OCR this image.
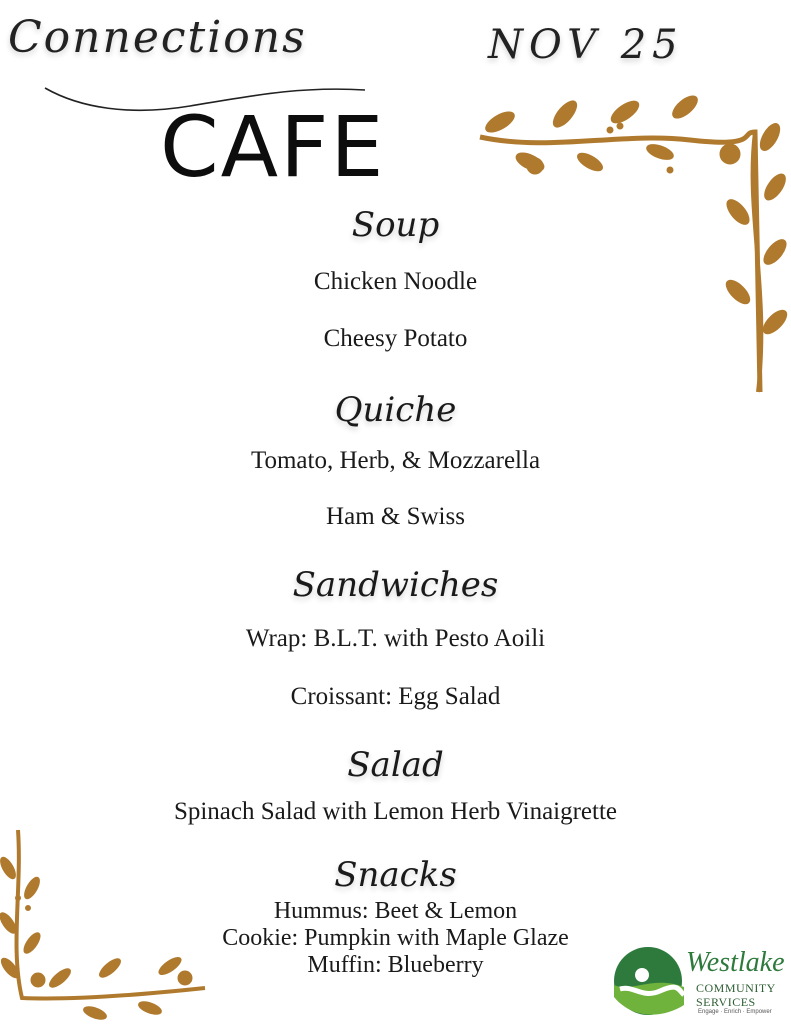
Connections
CAFE
NOV 25
Soup
Chicken Noodle
Cheesy Potato
Quiche
Tomato, Herb, & Mozzarella
Ham & Swiss
Sandwiches
Wrap: B.L.T. with Pesto Aoili
Croissant: Egg Salad
Salad
Spinach Salad with Lemon Herb Vinaigrette
Snacks
Hummus: Beet & Lemon
Cookie: Pumpkin with Maple Glaze
Muffin: Blueberry	Westlake
COMMUNITY
SERVICES
Engage · Enrich · Empower
